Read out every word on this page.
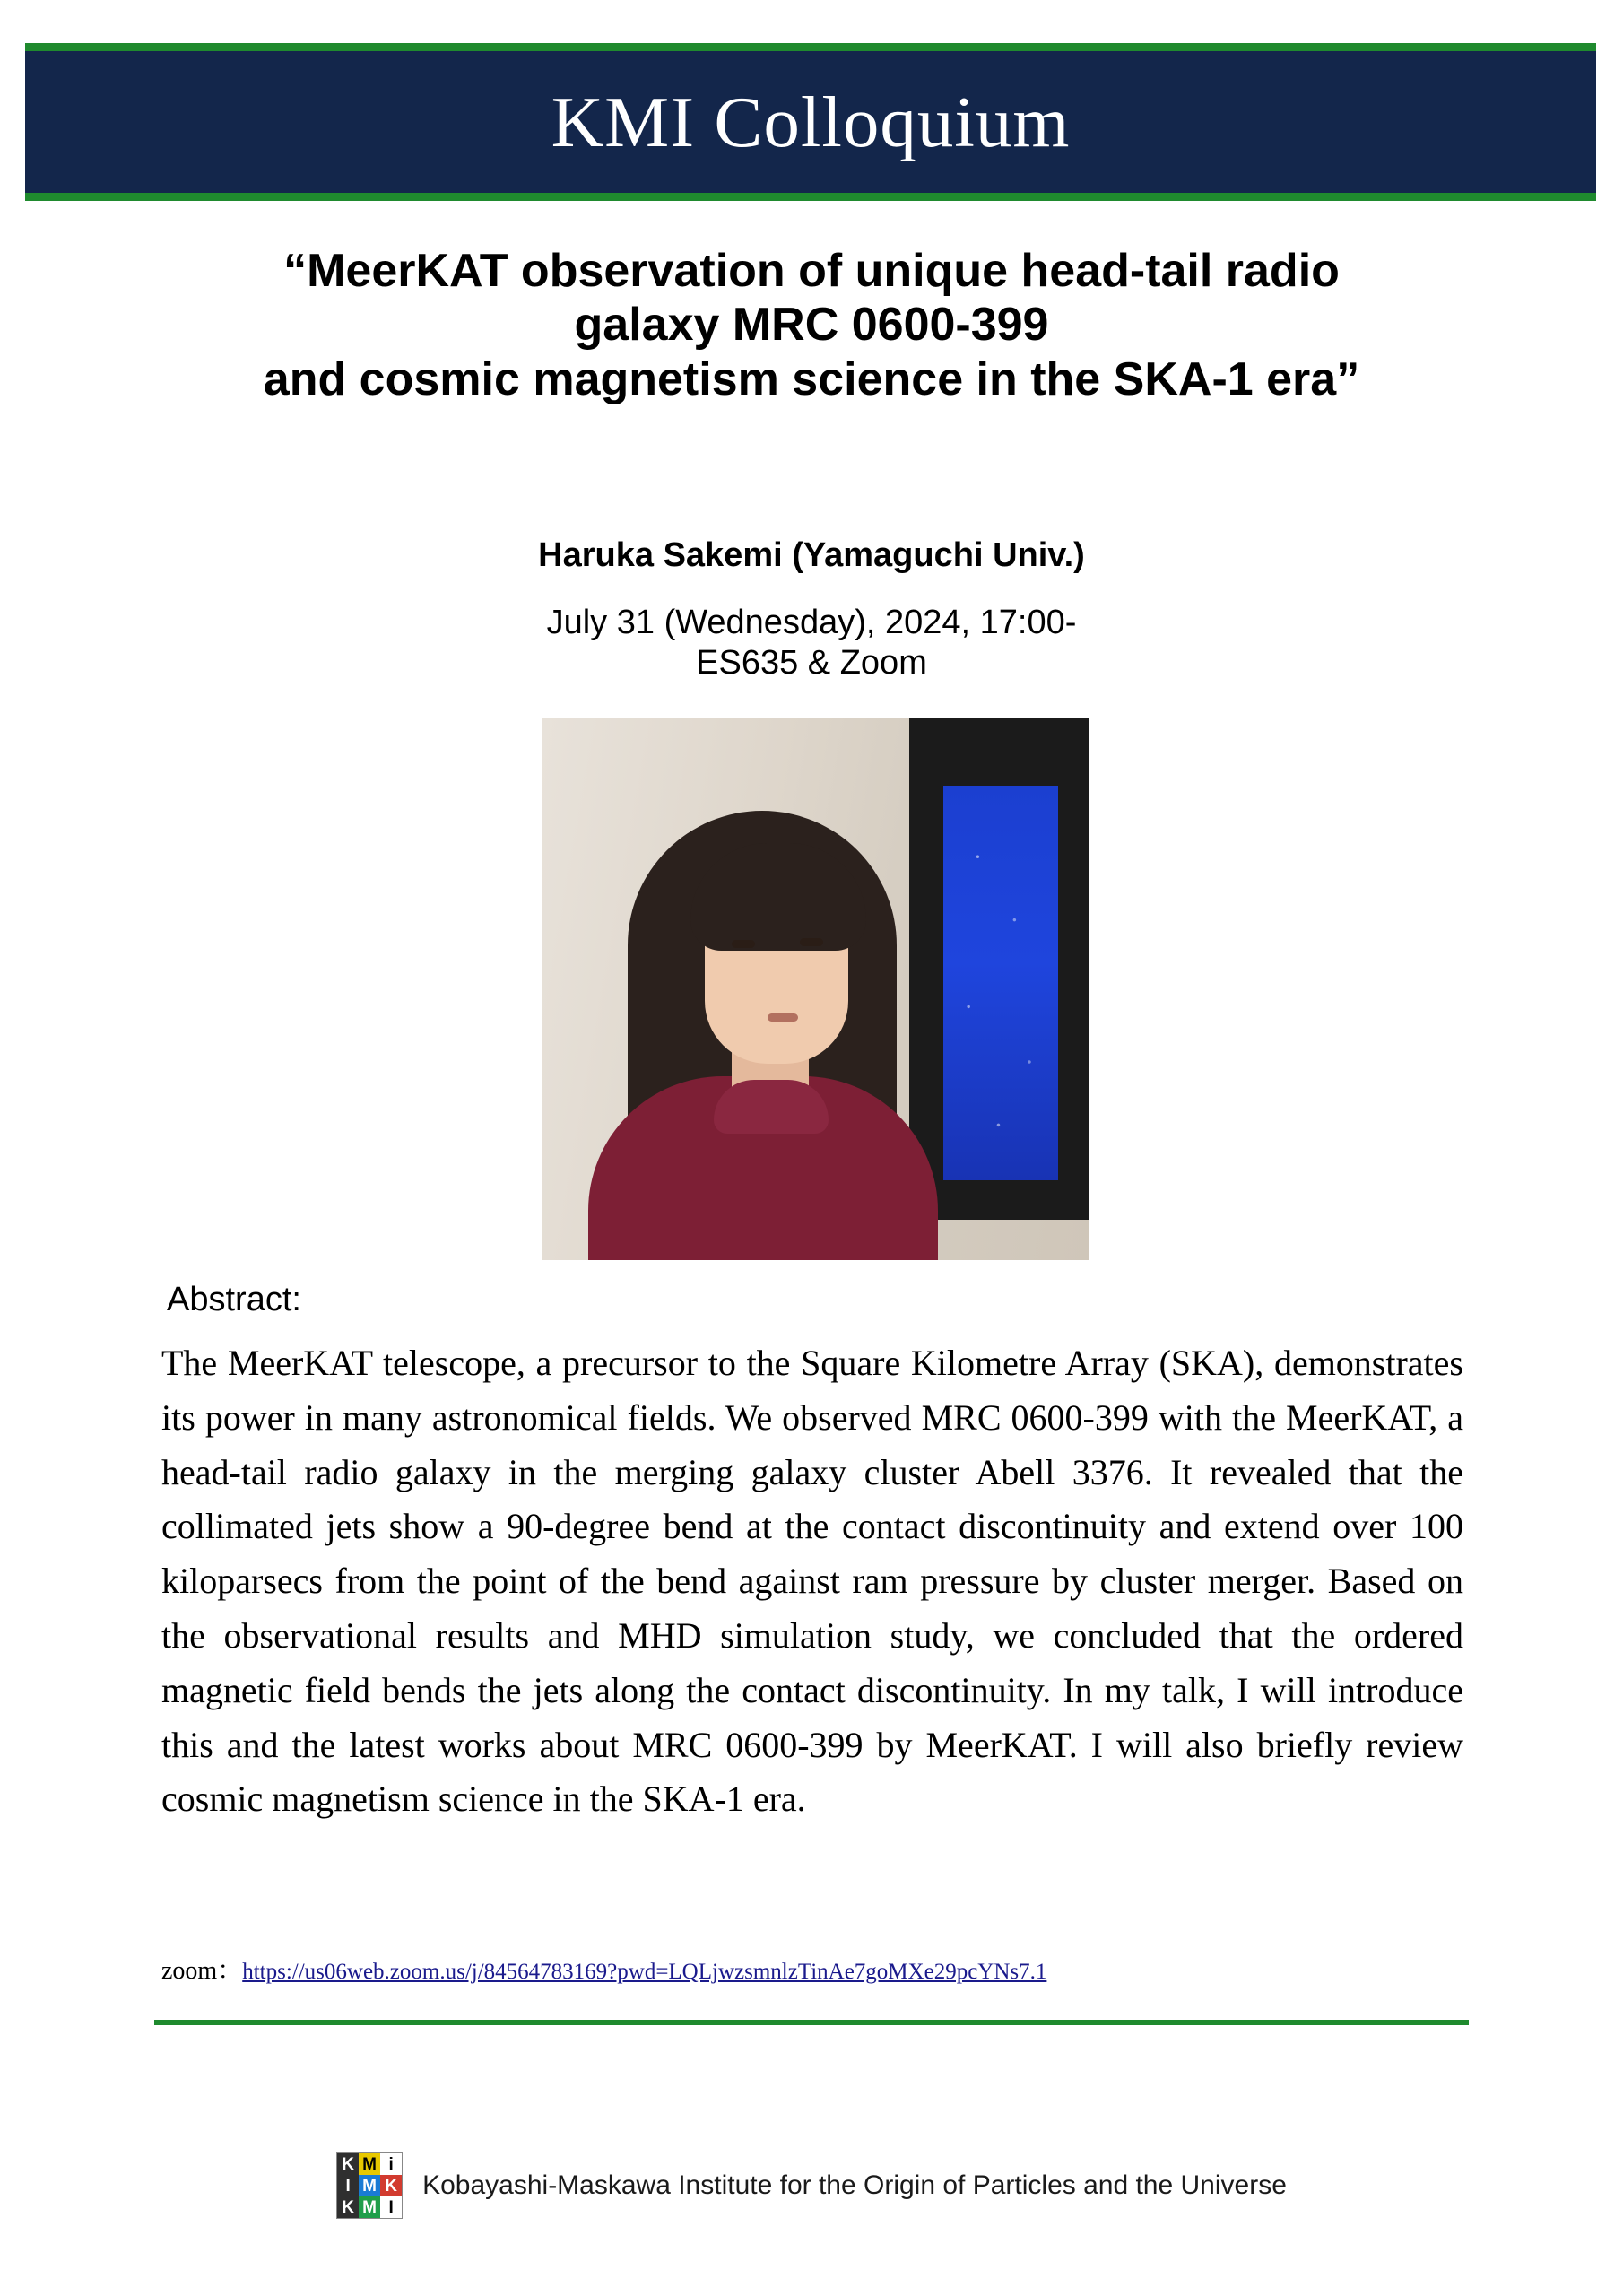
KMI Colloquium
“MeerKAT observation of unique head-tail radio
galaxy MRC 0600-399
and cosmic magnetism science in the SKA-1 era”
Haruka Sakemi (Yamaguchi Univ.)
July 31 (Wednesday), 2024, 17:00-
ES635 & Zoom
Abstract:
The MeerKAT telescope, a precursor to the Square Kilometre Array (SKA), demonstrates its power in many astronomical fields. We observed MRC 0600-399 with the MeerKAT, a head-tail radio galaxy in the merging galaxy cluster Abell 3376. It revealed that the collimated jets show a 90-degree bend at the contact discontinuity and extend over 100 kiloparsecs from the point of the bend against ram pressure by cluster merger. Based on the observational results and MHD simulation study, we concluded that the ordered magnetic field bends the jets along the contact discontinuity. In my talk, I will introduce this and the latest works about MRC 0600-399 by MeerKAT. I will also briefly review cosmic magnetism science in the SKA-1 era.
zoom：https://us06web.zoom.us/j/84564783169?pwd=LQLjwzsmnlzTinAe7goMXe29pcYNs7.1
K M i
I M K
K M I
Kobayashi-Maskawa Institute for the Origin of Particles and the Universe
